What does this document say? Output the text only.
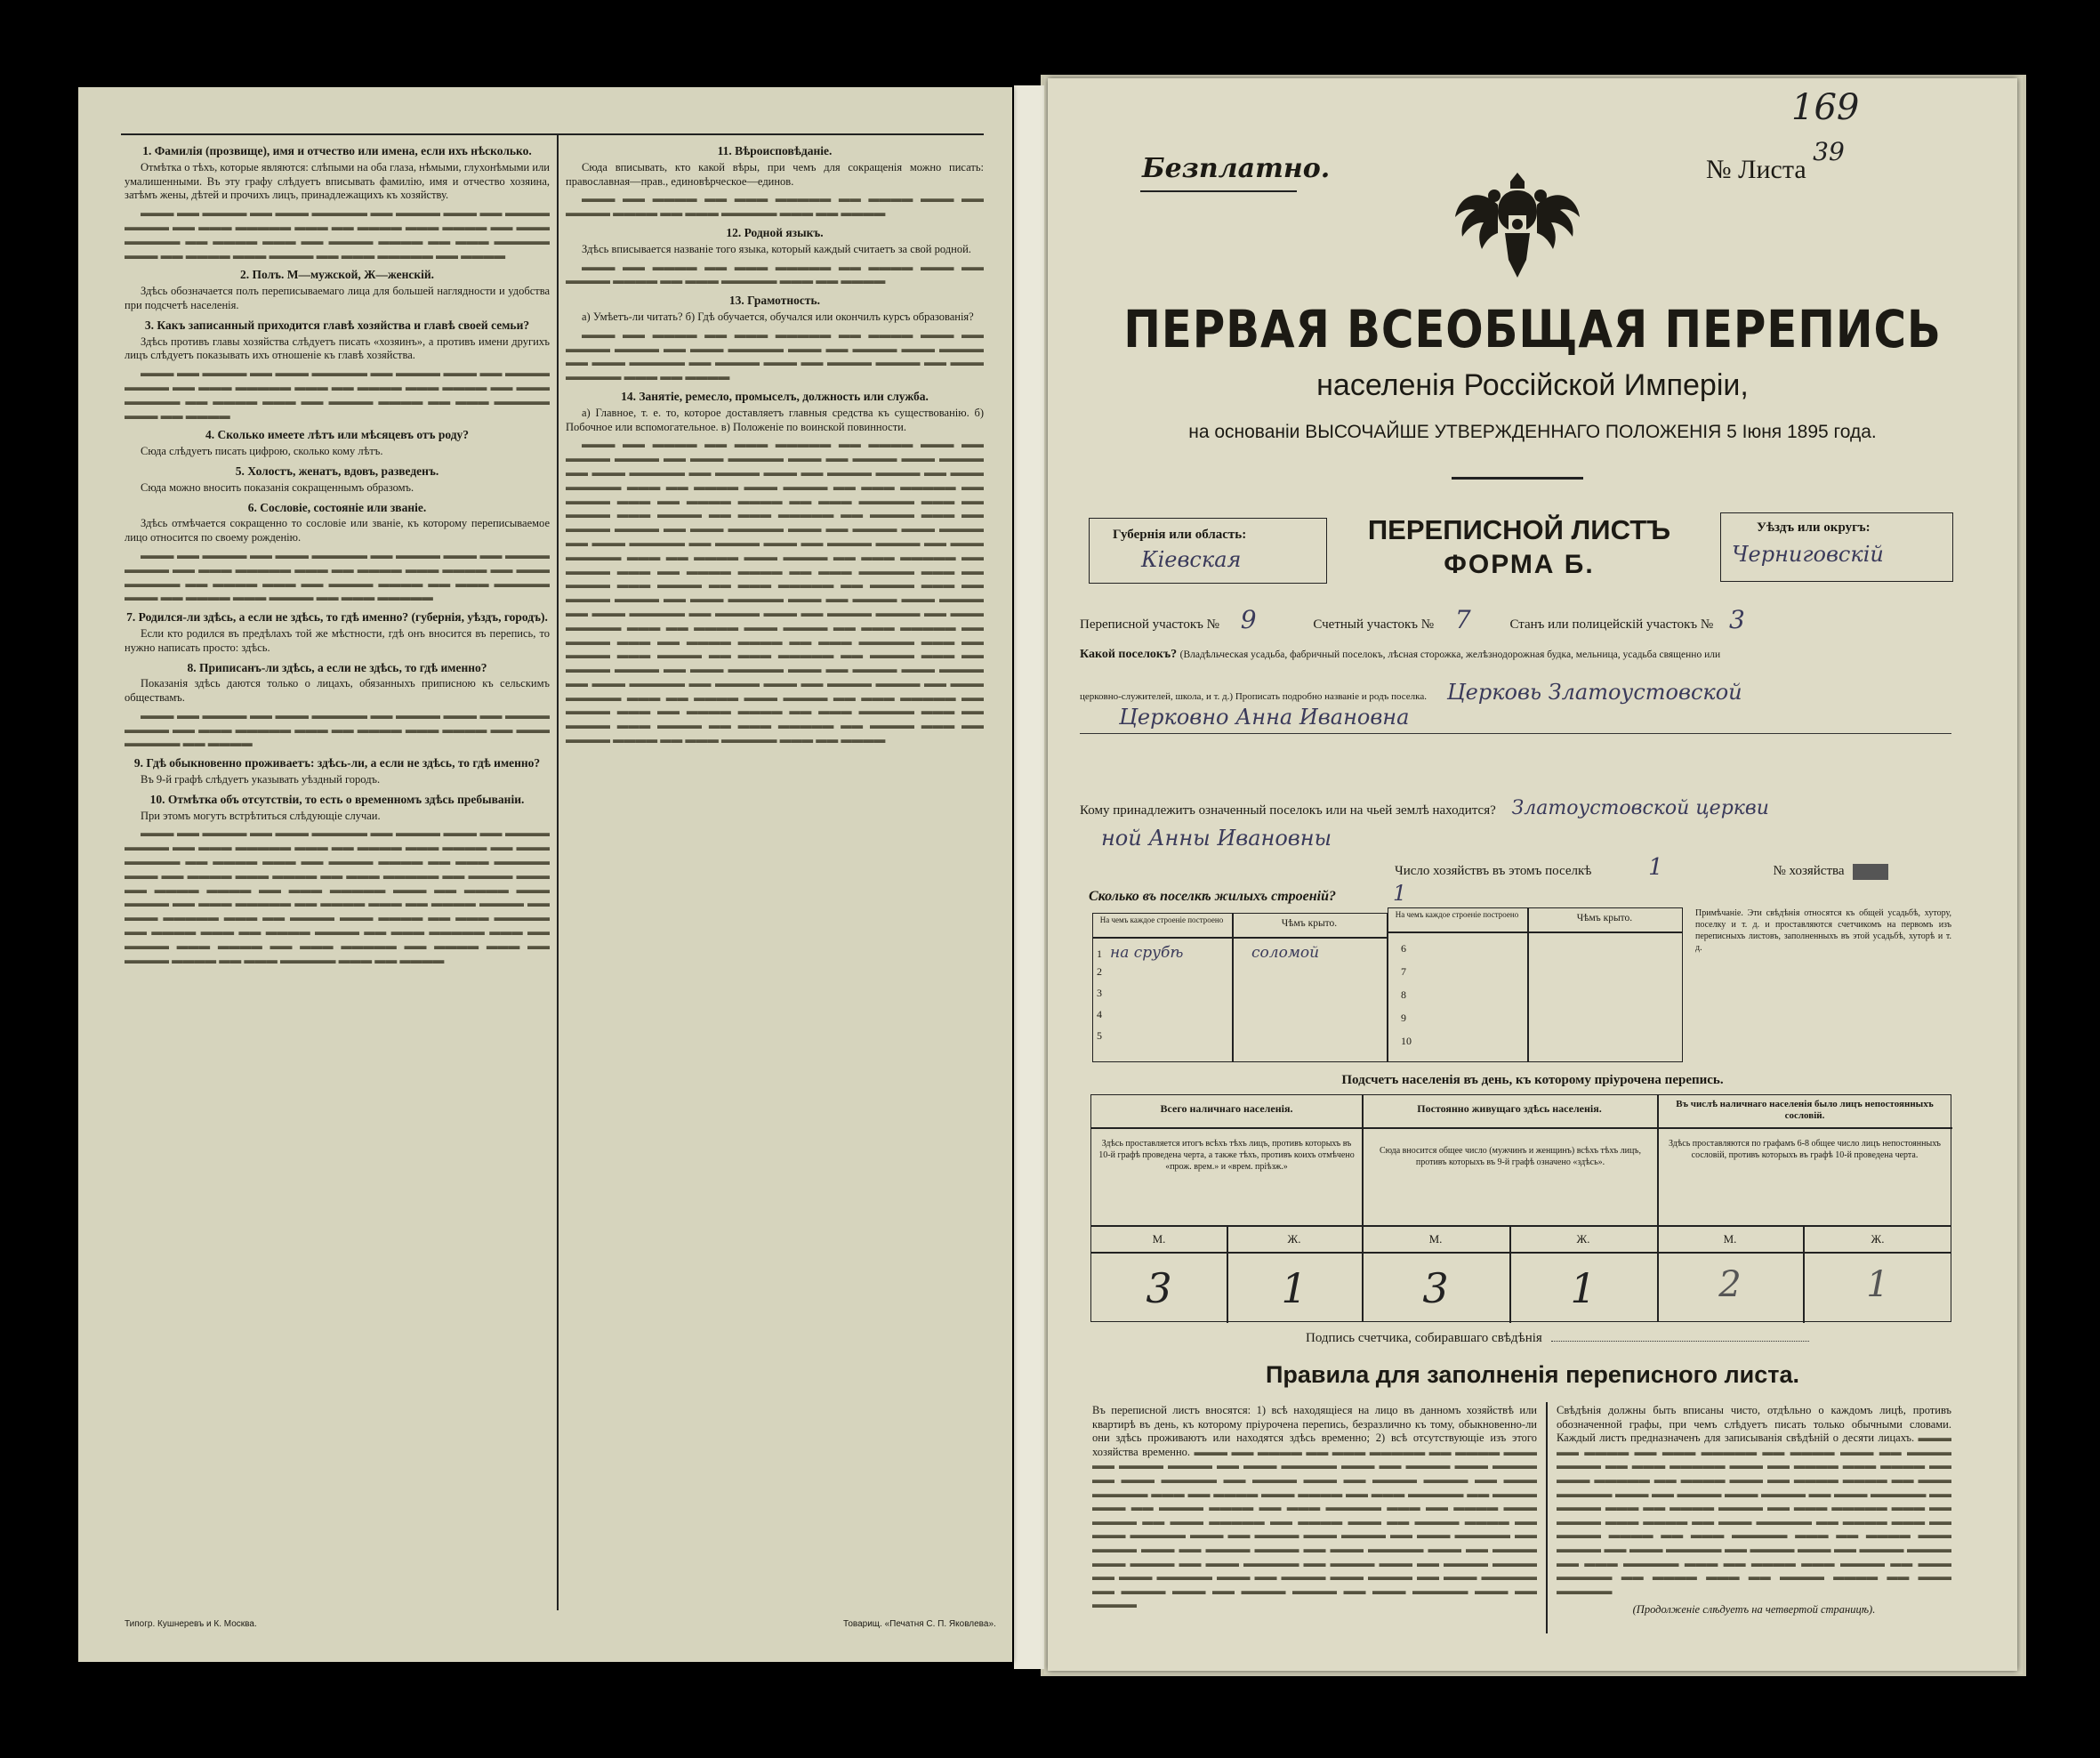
1. Фамилія (прозвище), имя и отчество или имена, если ихъ нѣсколько.

Отмѣтка о тѣхъ, которые являются: слѣпыми на оба глаза, нѣмыми, глухонѣмыми или умалишенными. Въ эту графу слѣдуетъ вписывать фамилію, имя и отчество хозяина, затѣмъ жены, дѣтей и прочихъ лицъ, принадлежащихъ къ хозяйству.

▬▬▬ ▬▬ ▬▬▬▬ ▬▬ ▬▬▬ ▬▬▬▬▬ ▬▬ ▬▬▬▬ ▬▬▬ ▬▬ ▬▬▬▬ ▬▬▬▬ ▬▬ ▬▬▬ ▬▬▬▬▬ ▬▬▬ ▬▬ ▬▬▬▬ ▬▬▬ ▬▬▬▬ ▬▬ ▬▬▬ ▬▬▬▬▬ ▬▬ ▬▬▬▬ ▬▬▬ ▬▬ ▬▬▬▬ ▬▬▬▬ ▬▬ ▬▬▬ ▬▬▬▬▬ ▬▬▬ ▬▬ ▬▬▬▬ ▬▬▬ ▬▬▬▬ ▬▬ ▬▬▬ ▬▬▬▬▬ ▬▬ ▬▬▬▬

2. Полъ. М—мужской, Ж—женскій.

Здѣсь обозначается полъ переписываемаго лица для большей наглядности и удобства при подсчетѣ населенія.

3. Какъ записанный приходится главѣ хозяйства и главѣ своей семьи?

Здѣсь противъ главы хозяйства слѣдуетъ писать «хозяинъ», а противъ имени другихъ лицъ слѣдуетъ показывать ихъ отношеніе къ главѣ хозяйства.

▬▬▬ ▬▬ ▬▬▬▬ ▬▬ ▬▬▬ ▬▬▬▬▬ ▬▬ ▬▬▬▬ ▬▬▬ ▬▬ ▬▬▬▬ ▬▬▬▬ ▬▬ ▬▬▬ ▬▬▬▬▬ ▬▬▬ ▬▬ ▬▬▬▬ ▬▬▬ ▬▬▬▬ ▬▬ ▬▬▬ ▬▬▬▬▬ ▬▬ ▬▬▬▬ ▬▬▬ ▬▬ ▬▬▬▬ ▬▬▬▬ ▬▬ ▬▬▬ ▬▬▬▬▬ ▬▬▬ ▬▬ ▬▬▬▬

4. Сколько имеете лѣтъ или мѣсяцевъ отъ роду?

Сюда слѣдуетъ писать цифрою, сколько кому лѣтъ.

5. Холостъ, женатъ, вдовъ, разведенъ.

Сюда можно вносить показанія сокращеннымъ образомъ.

6. Сословіе, состояніе или званіе.

Здѣсь отмѣчается сокращенно то сословіе или званіе, къ которому переписываемое лицо относится по своему рожденію.

▬▬▬ ▬▬ ▬▬▬▬ ▬▬ ▬▬▬ ▬▬▬▬▬ ▬▬ ▬▬▬▬ ▬▬▬ ▬▬ ▬▬▬▬ ▬▬▬▬ ▬▬ ▬▬▬ ▬▬▬▬▬ ▬▬▬ ▬▬ ▬▬▬▬ ▬▬▬ ▬▬▬▬ ▬▬ ▬▬▬ ▬▬▬▬▬ ▬▬ ▬▬▬▬ ▬▬▬ ▬▬ ▬▬▬▬ ▬▬▬▬ ▬▬ ▬▬▬ ▬▬▬▬▬ ▬▬▬ ▬▬ ▬▬▬▬ ▬▬▬ ▬▬▬▬ ▬▬ ▬▬▬ ▬▬▬▬▬

7. Родился-ли здѣсь, а если не здѣсь, то гдѣ именно? (губернія, уѣздъ, городъ).

Если кто родился въ предѣлахъ той же мѣстности, гдѣ онъ вносится въ перепись, то нужно написать просто: здѣсь.

8. Приписанъ-ли здѣсь, а если не здѣсь, то гдѣ именно?

Показанія здѣсь даются только о лицахъ, обязанныхъ приписною къ сельскимъ обществамъ.

▬▬▬ ▬▬ ▬▬▬▬ ▬▬ ▬▬▬ ▬▬▬▬▬ ▬▬ ▬▬▬▬ ▬▬▬ ▬▬ ▬▬▬▬ ▬▬▬▬ ▬▬ ▬▬▬ ▬▬▬▬▬ ▬▬▬ ▬▬ ▬▬▬▬ ▬▬▬ ▬▬▬▬ ▬▬ ▬▬▬ ▬▬▬▬▬ ▬▬ ▬▬▬▬

9. Гдѣ обыкновенно проживаетъ: здѣсь-ли, а если не здѣсь, то гдѣ именно?

Въ 9-й графѣ слѣдуетъ указывать уѣздный городъ.

10. Отмѣтка объ отсутствіи, то есть о временномъ здѣсь пребываніи.

При этомъ могутъ встрѣтиться слѣдующіе случаи.

▬▬▬ ▬▬ ▬▬▬▬ ▬▬ ▬▬▬ ▬▬▬▬▬ ▬▬ ▬▬▬▬ ▬▬▬ ▬▬ ▬▬▬▬ ▬▬▬▬ ▬▬ ▬▬▬ ▬▬▬▬▬ ▬▬▬ ▬▬ ▬▬▬▬ ▬▬▬ ▬▬▬▬ ▬▬ ▬▬▬ ▬▬▬▬▬ ▬▬ ▬▬▬▬ ▬▬▬ ▬▬ ▬▬▬▬ ▬▬▬▬ ▬▬ ▬▬▬ ▬▬▬▬▬ ▬▬▬ ▬▬ ▬▬▬▬ ▬▬▬ ▬▬▬▬ ▬▬ ▬▬▬ ▬▬▬▬▬ ▬▬ ▬▬▬▬ ▬▬▬ ▬▬ ▬▬▬▬ ▬▬▬▬ ▬▬ ▬▬▬ ▬▬▬▬▬ ▬▬▬ ▬▬ ▬▬▬▬ ▬▬▬ ▬▬▬▬ ▬▬ ▬▬▬ ▬▬▬▬▬ ▬▬ ▬▬▬▬ ▬▬▬ ▬▬ ▬▬▬▬ ▬▬▬▬ ▬▬ ▬▬▬ ▬▬▬▬▬ ▬▬▬ ▬▬ ▬▬▬▬ ▬▬▬ ▬▬▬▬ ▬▬ ▬▬▬ ▬▬▬▬▬ ▬▬ ▬▬▬▬ ▬▬▬ ▬▬ ▬▬▬▬ ▬▬▬▬ ▬▬ ▬▬▬ ▬▬▬▬▬ ▬▬▬ ▬▬ ▬▬▬▬ ▬▬▬ ▬▬▬▬ ▬▬ ▬▬▬ ▬▬▬▬▬ ▬▬ ▬▬▬▬ ▬▬▬ ▬▬ ▬▬▬▬ ▬▬▬▬ ▬▬ ▬▬▬ ▬▬▬▬▬ ▬▬▬ ▬▬ ▬▬▬▬

11. Вѣроисповѣданіе.

Сюда вписывать, кто какой вѣры, при чемъ для сокращенія можно писать: православная—прав., единовѣрческое—единов.

▬▬▬ ▬▬ ▬▬▬▬ ▬▬ ▬▬▬ ▬▬▬▬▬ ▬▬ ▬▬▬▬ ▬▬▬ ▬▬ ▬▬▬▬ ▬▬▬▬ ▬▬ ▬▬▬ ▬▬▬▬▬ ▬▬▬ ▬▬ ▬▬▬▬

12. Родной языкъ.

Здѣсь вписывается названіе того языка, который каждый считаетъ за свой родной.

▬▬▬ ▬▬ ▬▬▬▬ ▬▬ ▬▬▬ ▬▬▬▬▬ ▬▬ ▬▬▬▬ ▬▬▬ ▬▬ ▬▬▬▬ ▬▬▬▬ ▬▬ ▬▬▬ ▬▬▬▬▬ ▬▬▬ ▬▬ ▬▬▬▬

13. Грамотность.

а) Умѣетъ-ли читать? б) Гдѣ обучается, обучался или окончилъ курсъ образованія?

▬▬▬ ▬▬ ▬▬▬▬ ▬▬ ▬▬▬ ▬▬▬▬▬ ▬▬ ▬▬▬▬ ▬▬▬ ▬▬ ▬▬▬▬ ▬▬▬▬ ▬▬ ▬▬▬ ▬▬▬▬▬ ▬▬▬ ▬▬ ▬▬▬▬ ▬▬▬ ▬▬▬▬ ▬▬ ▬▬▬ ▬▬▬▬▬ ▬▬ ▬▬▬▬ ▬▬▬ ▬▬ ▬▬▬▬ ▬▬▬▬ ▬▬ ▬▬▬ ▬▬▬▬▬ ▬▬▬ ▬▬ ▬▬▬▬

14. Занятіе, ремесло, промыселъ, должность или служба.

а) Главное, т. е. то, которое доставляетъ главныя средства къ существованію. б) Побочное или вспомогательное. в) Положеніе по воинской повинности.

▬▬▬ ▬▬ ▬▬▬▬ ▬▬ ▬▬▬ ▬▬▬▬▬ ▬▬ ▬▬▬▬ ▬▬▬ ▬▬ ▬▬▬▬ ▬▬▬▬ ▬▬ ▬▬▬ ▬▬▬▬▬ ▬▬▬ ▬▬ ▬▬▬▬ ▬▬▬ ▬▬▬▬ ▬▬ ▬▬▬ ▬▬▬▬▬ ▬▬ ▬▬▬▬ ▬▬▬ ▬▬ ▬▬▬▬ ▬▬▬▬ ▬▬ ▬▬▬ ▬▬▬▬▬ ▬▬▬ ▬▬ ▬▬▬▬ ▬▬▬ ▬▬▬▬ ▬▬ ▬▬▬ ▬▬▬▬▬ ▬▬ ▬▬▬▬ ▬▬▬ ▬▬ ▬▬▬▬ ▬▬▬▬ ▬▬ ▬▬▬ ▬▬▬▬▬ ▬▬▬ ▬▬ ▬▬▬▬ ▬▬▬ ▬▬▬▬ ▬▬ ▬▬▬ ▬▬▬▬▬ ▬▬ ▬▬▬▬ ▬▬▬ ▬▬ ▬▬▬▬ ▬▬▬▬ ▬▬ ▬▬▬ ▬▬▬▬▬ ▬▬▬ ▬▬ ▬▬▬▬ ▬▬▬ ▬▬▬▬ ▬▬ ▬▬▬ ▬▬▬▬▬ ▬▬ ▬▬▬▬ ▬▬▬ ▬▬ ▬▬▬▬ ▬▬▬▬ ▬▬ ▬▬▬ ▬▬▬▬▬ ▬▬▬ ▬▬ ▬▬▬▬ ▬▬▬ ▬▬▬▬ ▬▬ ▬▬▬ ▬▬▬▬▬ ▬▬ ▬▬▬▬ ▬▬▬ ▬▬ ▬▬▬▬ ▬▬▬▬ ▬▬ ▬▬▬ ▬▬▬▬▬ ▬▬▬ ▬▬ ▬▬▬▬ ▬▬▬ ▬▬▬▬ ▬▬ ▬▬▬ ▬▬▬▬▬ ▬▬ ▬▬▬▬ ▬▬▬ ▬▬ ▬▬▬▬ ▬▬▬▬ ▬▬ ▬▬▬ ▬▬▬▬▬ ▬▬▬ ▬▬ ▬▬▬▬ ▬▬▬ ▬▬▬▬ ▬▬ ▬▬▬ ▬▬▬▬▬ ▬▬ ▬▬▬▬ ▬▬▬ ▬▬ ▬▬▬▬ ▬▬▬▬ ▬▬ ▬▬▬ ▬▬▬▬▬ ▬▬▬ ▬▬ ▬▬▬▬ ▬▬▬ ▬▬▬▬ ▬▬ ▬▬▬ ▬▬▬▬▬ ▬▬ ▬▬▬▬ ▬▬▬ ▬▬ ▬▬▬▬ ▬▬▬▬ ▬▬ ▬▬▬ ▬▬▬▬▬ ▬▬▬ ▬▬ ▬▬▬▬ ▬▬▬ ▬▬▬▬ ▬▬ ▬▬▬ ▬▬▬▬▬ ▬▬ ▬▬▬▬ ▬▬▬ ▬▬ ▬▬▬▬ ▬▬▬▬ ▬▬ ▬▬▬ ▬▬▬▬▬ ▬▬▬ ▬▬ ▬▬▬▬ ▬▬▬ ▬▬▬▬ ▬▬ ▬▬▬ ▬▬▬▬▬ ▬▬ ▬▬▬▬ ▬▬▬ ▬▬ ▬▬▬▬ ▬▬▬▬ ▬▬ ▬▬▬ ▬▬▬▬▬ ▬▬▬ ▬▬ ▬▬▬▬ ▬▬▬ ▬▬▬▬ ▬▬ ▬▬▬ ▬▬▬▬▬ ▬▬ ▬▬▬▬ ▬▬▬ ▬▬ ▬▬▬▬ ▬▬▬▬ ▬▬ ▬▬▬ ▬▬▬▬▬ ▬▬▬ ▬▬ ▬▬▬▬ ▬▬▬ ▬▬▬▬ ▬▬ ▬▬▬ ▬▬▬▬▬ ▬▬ ▬▬▬▬ ▬▬▬ ▬▬ ▬▬▬▬ ▬▬▬▬ ▬▬ ▬▬▬ ▬▬▬▬▬ ▬▬▬ ▬▬ ▬▬▬▬

Типогр. Кушнеревъ и К. Москва.	Товарищ. «Печатня С. П. Яковлева».
169
Безплатно.	№ Листа 39
ПЕРВАЯ ВСЕОБЩАЯ ПЕРЕПИСЬ
населенія Россійской Имперіи,
на основаніи ВЫСОЧАЙШЕ УТВЕРЖДЕННАГО ПОЛОЖЕНІЯ 5 Іюня 1895 года.
Губернія или область:
Кіевская
ПЕРЕПИСНОЙ ЛИСТЪ
ФОРМА Б.
Уѣздъ или округъ:
Черниговскій
Переписной участокъ № 9	Счетный участокъ № 7	Станъ или полицейскій участокъ № 3
Какой поселокъ? (Владѣльческая усадьба, фабричный поселокъ, лѣсная сторожка, желѣзнодорожная будка, мельница, усадьба священно или
церковно-служителей, школа, и т. д.) Прописать подробно названіе и родъ поселка. Церковь Златоустовской
Церковно Анна Ивановна
Кому принадлежитъ означенный поселокъ или на чьей землѣ находится? Златоустовской церкви
ной Анны Ивановны
Число хозяйствъ въ этомъ поселкѣ 1	№ хозяйства
Сколько въ поселкѣ жилыхъ строеній?	1
На чемъ каждое строеніе построено	Чѣмъ крыто.
1 на срубѣ	соломой
2
3
4
5
На чемъ каждое строеніе построено	Чѣмъ крыто.
6
7
8
9
10
Примѣчаніе. Эти свѣдѣнія относятся къ общей усадьбѣ, хутору, поселку и т. д. и проставляются счетчикомъ на первомъ изъ переписныхъ листовъ, заполненныхъ въ этой усадьбѣ, хуторѣ и т. д.
Подсчетъ населенія въ день, къ которому пріурочена перепись.
Всего наличнаго населенія.	Постоянно живущаго здѣсь населенія.	Въ числѣ наличнаго населенія было лицъ непостоянныхъ сословій.
Здѣсь проставляется итогъ всѣхъ тѣхъ лицъ, противъ которыхъ въ 10-й графѣ проведена черта, а также тѣхъ, противъ коихъ отмѣчено «прож. врем.» и «врем. пріѣзж.»
Сюда вносится общее число (мужчинъ и женщинъ) всѣхъ тѣхъ лицъ, противъ которыхъ въ 9-й графѣ означено «здѣсь».
Здѣсь проставляются по графамъ 6-8 общее число лицъ непостоянныхъ сословій, противъ которыхъ въ графѣ 10-й проведена черта.
М.	Ж.	М.	Ж.	М.	Ж.
3	1	3	1	2	1
Подпись счетчика, собиравшаго свѣдѣнія
Правила для заполненія переписного листа.
Въ переписной листъ вносятся: 1) всѣ находящіеся на лицо въ данномъ хозяйствѣ или квартирѣ въ день, къ которому пріурочена перепись, безразлично къ тому, обыкновенно-ли они здѣсь проживаютъ или находятся здѣсь временно; 2) всѣ отсутствующіе изъ этого хозяйства временно. ▬▬▬ ▬▬ ▬▬▬▬ ▬▬ ▬▬▬ ▬▬▬▬▬ ▬▬ ▬▬▬▬ ▬▬▬ ▬▬ ▬▬▬▬ ▬▬▬▬ ▬▬ ▬▬▬ ▬▬▬▬▬ ▬▬▬ ▬▬ ▬▬▬▬ ▬▬▬ ▬▬▬▬ ▬▬ ▬▬▬ ▬▬▬▬▬ ▬▬ ▬▬▬▬ ▬▬▬ ▬▬ ▬▬▬▬ ▬▬▬▬ ▬▬ ▬▬▬ ▬▬▬▬▬ ▬▬▬ ▬▬ ▬▬▬▬ ▬▬▬ ▬▬▬▬ ▬▬ ▬▬▬ ▬▬▬▬▬ ▬▬ ▬▬▬▬ ▬▬▬ ▬▬ ▬▬▬▬ ▬▬▬▬ ▬▬ ▬▬▬ ▬▬▬▬▬ ▬▬▬ ▬▬ ▬▬▬▬ ▬▬▬ ▬▬▬▬ ▬▬ ▬▬▬ ▬▬▬▬▬ ▬▬ ▬▬▬▬ ▬▬▬ ▬▬ ▬▬▬▬ ▬▬▬▬ ▬▬ ▬▬▬ ▬▬▬▬▬ ▬▬▬ ▬▬ ▬▬▬▬ ▬▬▬ ▬▬▬▬ ▬▬ ▬▬▬ ▬▬▬▬▬ ▬▬ ▬▬▬▬ ▬▬▬ ▬▬ ▬▬▬▬ ▬▬▬▬ ▬▬ ▬▬▬ ▬▬▬▬▬ ▬▬▬ ▬▬ ▬▬▬▬ ▬▬▬ ▬▬▬▬ ▬▬ ▬▬▬ ▬▬▬▬▬ ▬▬ ▬▬▬▬ ▬▬▬ ▬▬ ▬▬▬▬ ▬▬▬▬ ▬▬ ▬▬▬ ▬▬▬▬▬ ▬▬▬ ▬▬ ▬▬▬▬ ▬▬▬ ▬▬▬▬ ▬▬ ▬▬▬ ▬▬▬▬▬ ▬▬ ▬▬▬▬ ▬▬▬ ▬▬ ▬▬▬▬ ▬▬▬▬ ▬▬ ▬▬▬ ▬▬▬▬▬ ▬▬▬ ▬▬ ▬▬▬▬
Свѣдѣнія должны быть вписаны чисто, отдѣльно о каждомъ лицѣ, противъ обозначенной графы, при чемъ слѣдуетъ писать только обычными словами. Каждый листъ предназначенъ для записыванія свѣдѣній о десяти лицахъ. ▬▬▬ ▬▬ ▬▬▬▬ ▬▬ ▬▬▬ ▬▬▬▬▬ ▬▬ ▬▬▬▬ ▬▬▬ ▬▬ ▬▬▬▬ ▬▬▬▬ ▬▬ ▬▬▬ ▬▬▬▬▬ ▬▬▬ ▬▬ ▬▬▬▬ ▬▬▬ ▬▬▬▬ ▬▬ ▬▬▬ ▬▬▬▬▬ ▬▬ ▬▬▬▬ ▬▬▬ ▬▬ ▬▬▬▬ ▬▬▬▬ ▬▬ ▬▬▬ ▬▬▬▬▬ ▬▬▬ ▬▬ ▬▬▬▬ ▬▬▬ ▬▬▬▬ ▬▬ ▬▬▬ ▬▬▬▬▬ ▬▬ ▬▬▬▬ ▬▬▬ ▬▬ ▬▬▬▬ ▬▬▬▬ ▬▬ ▬▬▬ ▬▬▬▬▬ ▬▬▬ ▬▬ ▬▬▬▬ ▬▬▬ ▬▬▬▬ ▬▬ ▬▬▬ ▬▬▬▬▬ ▬▬ ▬▬▬▬ ▬▬▬ ▬▬ ▬▬▬▬ ▬▬▬▬ ▬▬ ▬▬▬ ▬▬▬▬▬ ▬▬▬ ▬▬ ▬▬▬▬ ▬▬▬ ▬▬▬▬ ▬▬ ▬▬▬ ▬▬▬▬▬ ▬▬ ▬▬▬▬ ▬▬▬ ▬▬ ▬▬▬▬ ▬▬▬▬ ▬▬ ▬▬▬ ▬▬▬▬▬ ▬▬▬ ▬▬ ▬▬▬▬ ▬▬▬ ▬▬▬▬ ▬▬ ▬▬▬ ▬▬▬▬▬ ▬▬ ▬▬▬▬ ▬▬▬ ▬▬ ▬▬▬▬ ▬▬▬▬ ▬▬ ▬▬▬ ▬▬▬▬▬
(Продолженіе слѣдуетъ на четвертой страницѣ).
